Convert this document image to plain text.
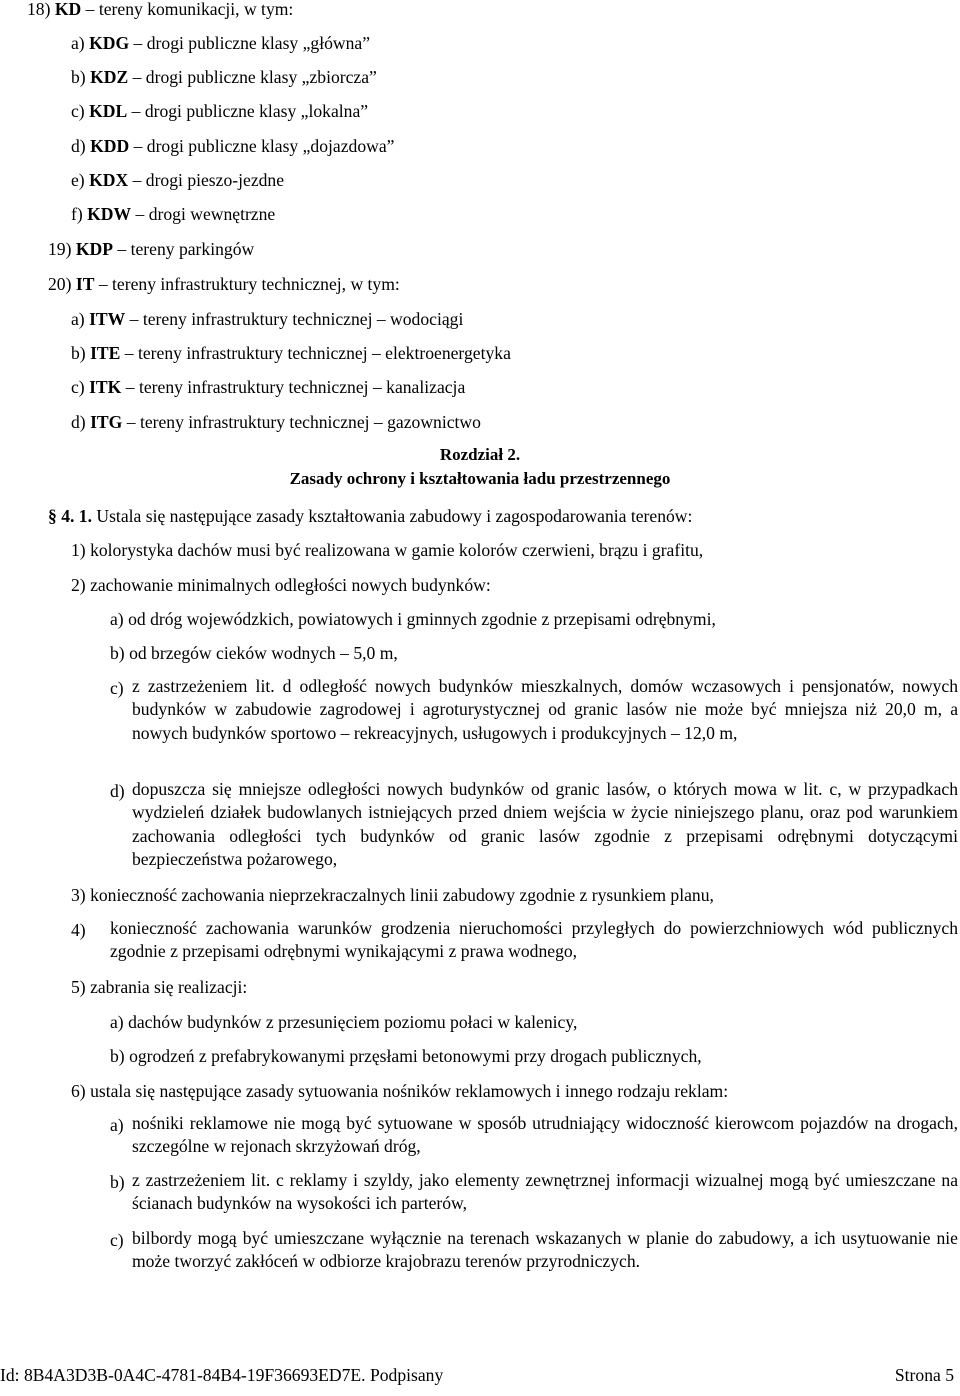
18) KD – tereny komunikacji, w tym:
a) KDG – drogi publiczne klasy „główna”
b) KDZ – drogi publiczne klasy „zbiorcza”
c) KDL – drogi publiczne klasy „lokalna”
d) KDD – drogi publiczne klasy „dojazdowa”
e) KDX – drogi pieszo-jezdne
f) KDW – drogi wewnętrzne
19) KDP – tereny parkingów
20) IT – tereny infrastruktury technicznej, w tym:
a) ITW – tereny infrastruktury technicznej – wodociągi
b) ITE – tereny infrastruktury technicznej – elektroenergetyka
c) ITK – tereny infrastruktury technicznej – kanalizacja
d) ITG – tereny infrastruktury technicznej – gazownictwo
Rozdział 2.
Zasady ochrony i kształtowania ładu przestrzennego
§ 4. 1. Ustala się następujące zasady kształtowania zabudowy i zagospodarowania terenów:
1) kolorystyka dachów musi być realizowana w gamie kolorów czerwieni, brązu i grafitu,
2) zachowanie minimalnych odległości nowych budynków:
a) od dróg wojewódzkich, powiatowych i gminnych zgodnie z przepisami odrębnymi,
b) od brzegów cieków wodnych – 5,0 m,
c) z zastrzeżeniem lit. d odległość nowych budynków mieszkalnych, domów wczasowych i pensjonatów, nowych budynków w zabudowie zagrodowej i agroturystycznej od granic lasów nie może być mniejsza niż 20,0 m, a nowych budynków sportowo – rekreacyjnych, usługowych i produkcyjnych – 12,0 m,
d) dopuszcza się mniejsze odległości nowych budynków od granic lasów, o których mowa w lit. c, w przypadkach wydzieleń działek budowlanych istniejących przed dniem wejścia w życie niniejszego planu, oraz pod warunkiem zachowania odległości tych budynków od granic lasów zgodnie z przepisami odrębnymi dotyczącymi bezpieczeństwa pożarowego,
3) konieczność zachowania nieprzekraczalnych linii zabudowy zgodnie z rysunkiem planu,
4) konieczność zachowania warunków grodzenia nieruchomości przyległych do powierzchniowych wód publicznych zgodnie z przepisami odrębnymi wynikającymi z prawa wodnego,
5) zabrania się realizacji:
a) dachów budynków z przesunięciem poziomu połaci w kalenicy,
b) ogrodzeń z prefabrykowanymi przęsłami betonowymi przy drogach publicznych,
6) ustala się następujące zasady sytuowania nośników reklamowych i innego rodzaju reklam:
a) nośniki reklamowe nie mogą być sytuowane w sposób utrudniający widoczność kierowcom pojazdów na drogach, szczególne w rejonach skrzyżowań dróg,
b) z zastrzeżeniem lit. c reklamy i szyldy, jako elementy zewnętrznej informacji wizualnej mogą być umieszczane na ścianach budynków na wysokości ich parterów,
c) bilbordy mogą być umieszczane wyłącznie na terenach wskazanych w planie do zabudowy, a ich usytuowanie nie może tworzyć zakłóceń w odbiorze krajobrazu terenów przyrodniczych.
Id: 8B4A3D3B-0A4C-4781-84B4-19F36693ED7E. Podpisany	Strona 5
